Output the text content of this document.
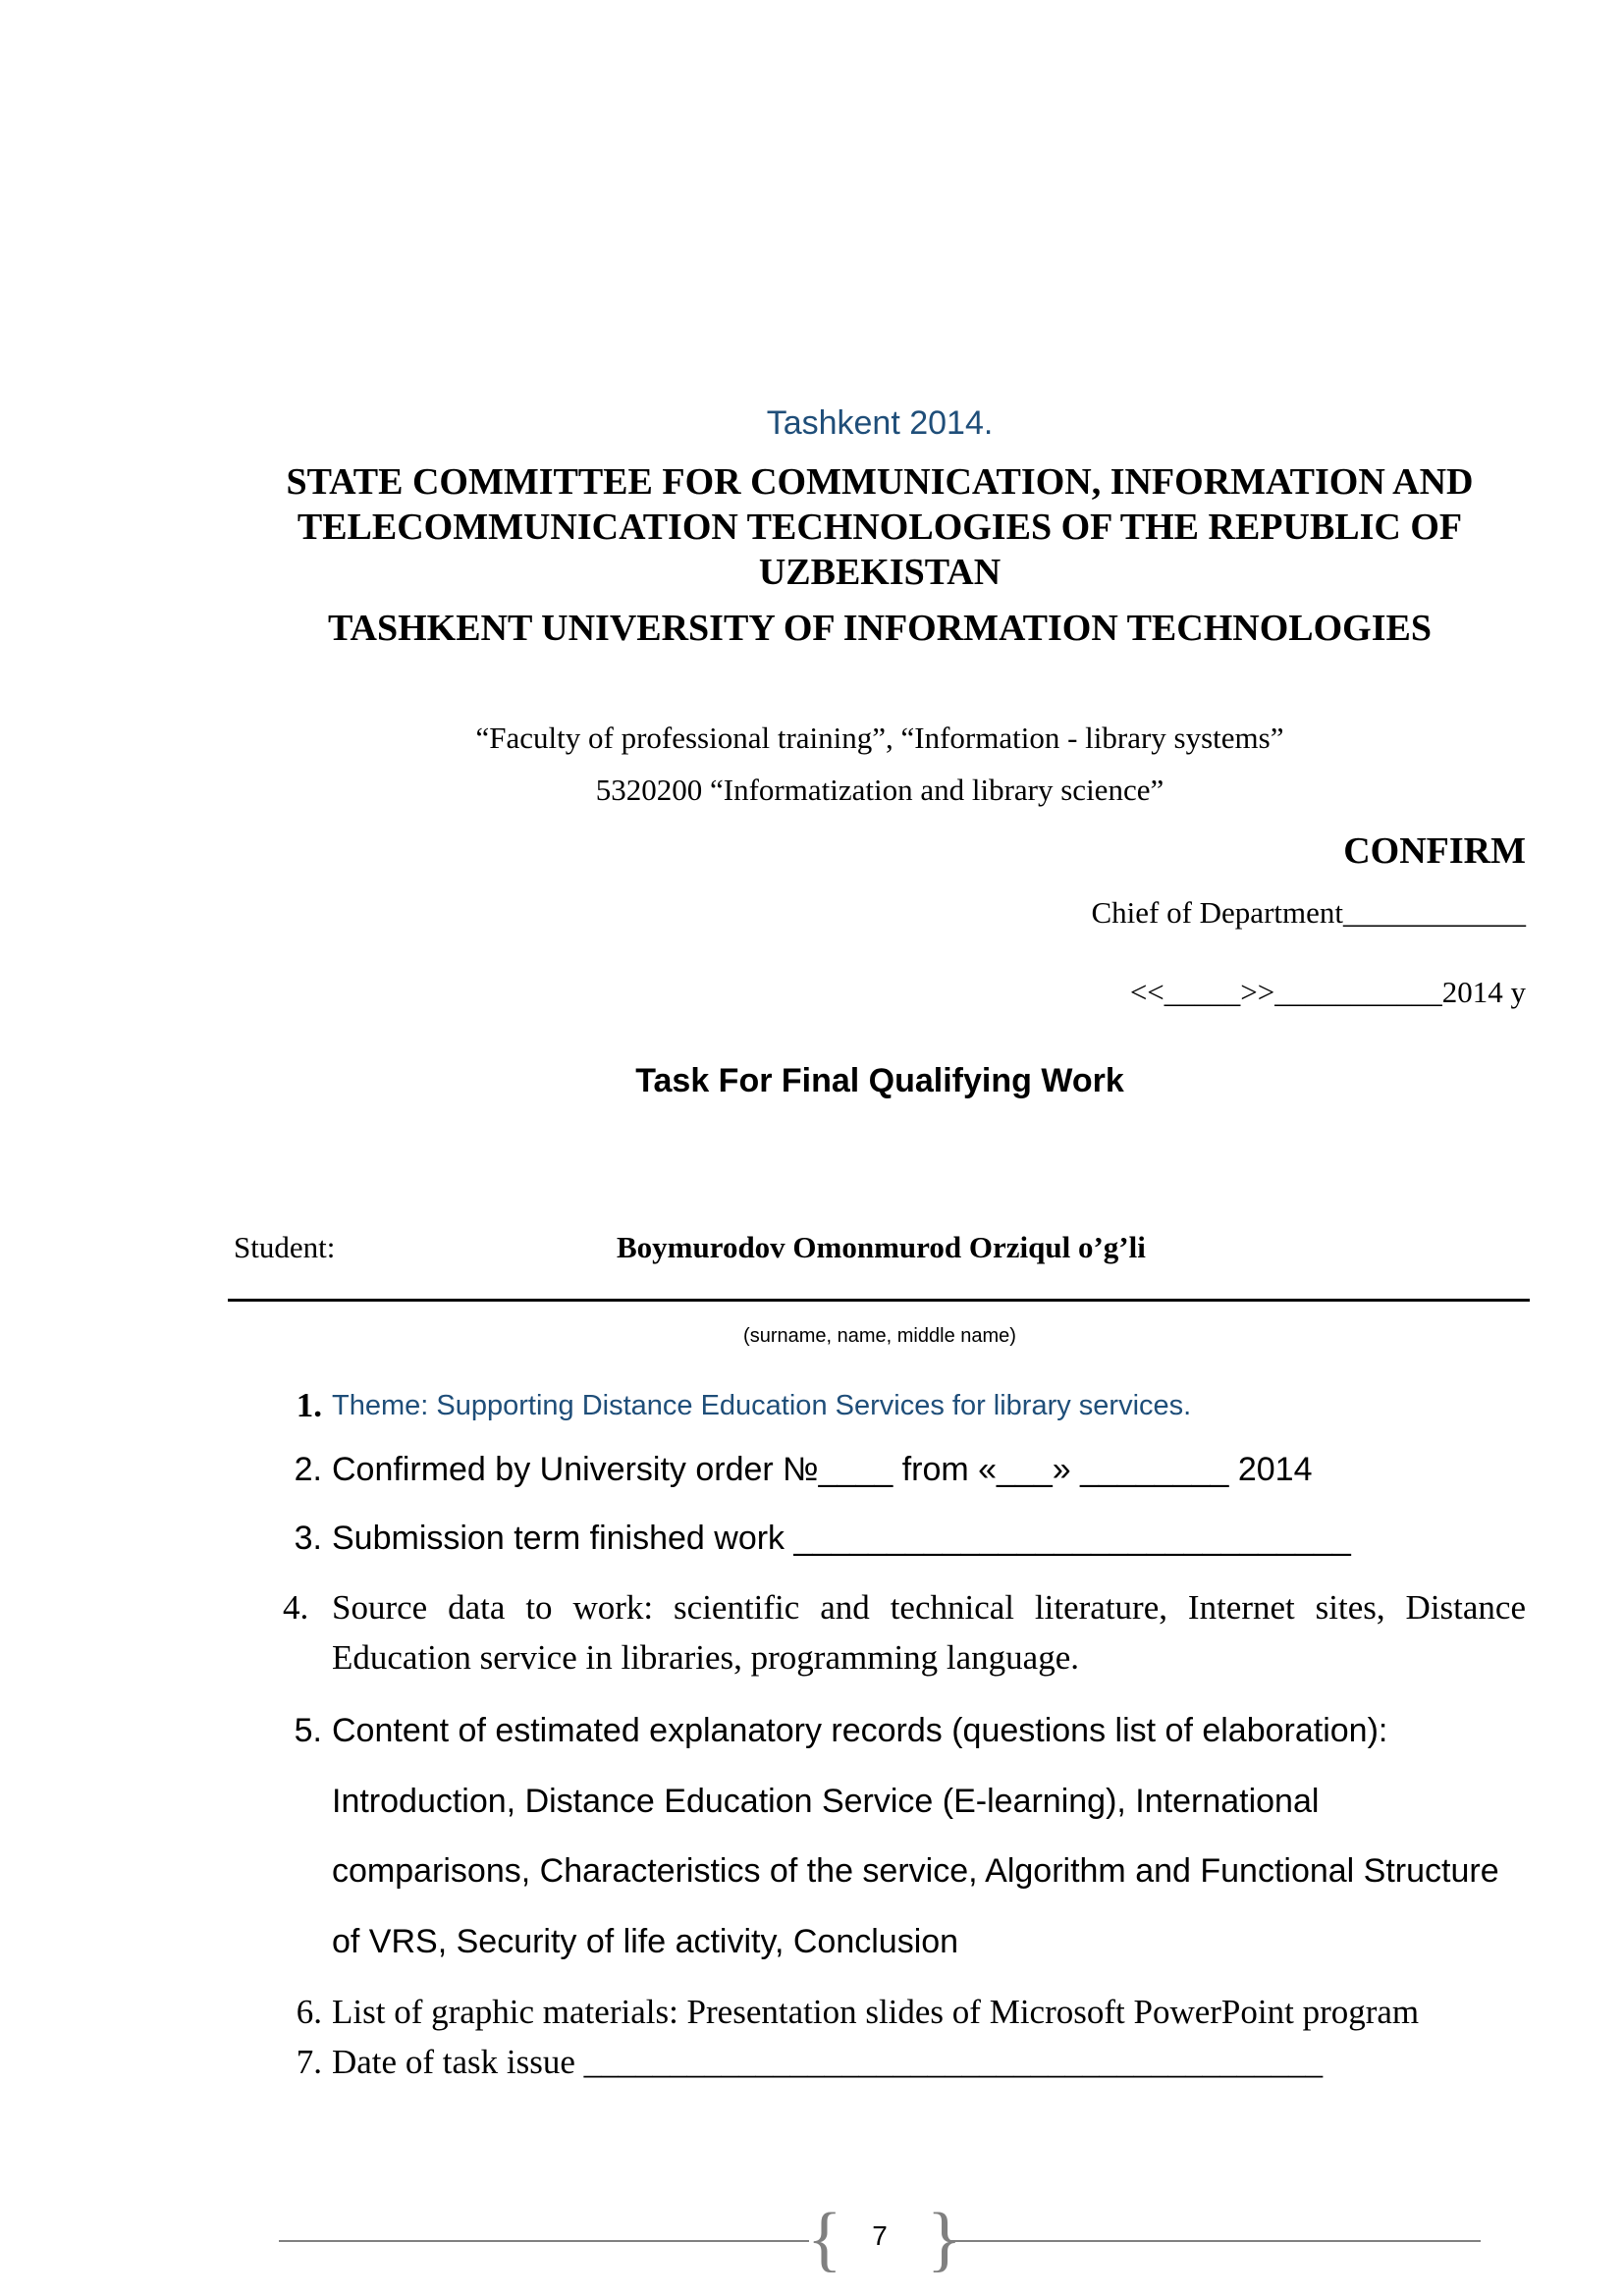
Tashkent 2014.
STATE COMMITTEE FOR COMMUNICATION, INFORMATION AND TELECOMMUNICATION TECHNOLOGIES OF THE REPUBLIC OF UZBEKISTAN
TASHKENT UNIVERSITY OF INFORMATION TECHNOLOGIES
“Faculty of professional training”, “Information - library systems”
5320200 “Informatization and library science”
CONFIRM
Chief of Department____________
<<_____>>___________2014 y
Task For Final Qualifying Work
Student:	Boymurodov Omonmurod Orziqul o’g’li
(surname, name, middle name)
1. Theme: Supporting Distance Education Services for library services.
2. Confirmed by University order №____ from «___» ________ 2014
3. Submission term finished work ______________________________
4. Source data to work: scientific and technical literature, Internet sites, Distance Education service in libraries, programming language.
5. Content of estimated explanatory records (questions list of elaboration): Introduction, Distance Education Service (E-learning), International comparisons, Characteristics of the service, Algorithm and Functional Structure of VRS, Security of life activity, Conclusion
6. List of graphic materials: Presentation slides of Microsoft PowerPoint program
7. Date of task issue ___________________________________________
{	7 }
